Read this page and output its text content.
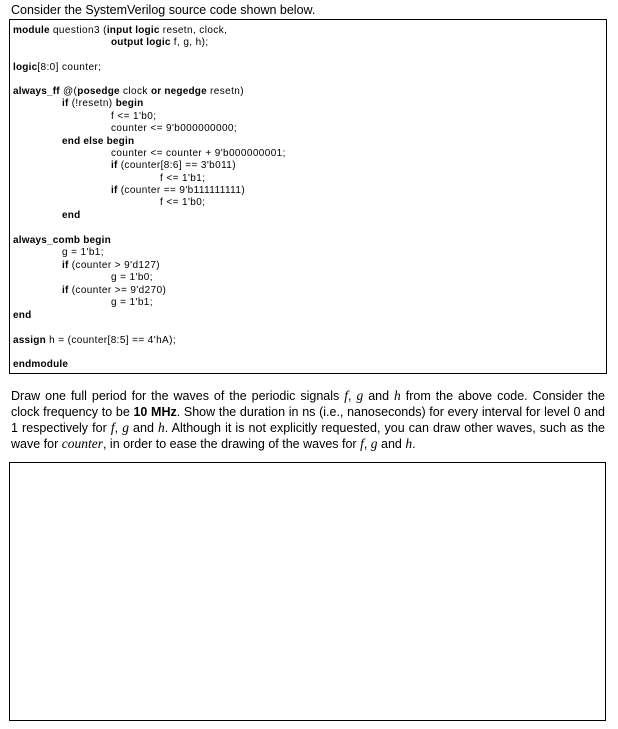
Consider the SystemVerilog source code shown below.
module question3 (input logic resetn, clock,
output logic f, g, h);
logic[8:0] counter;
always_ff @(posedge clock or negedge resetn)
if (!resetn) begin
f <= 1'b0;
counter <= 9'b000000000;
end else begin
counter <= counter + 9'b000000001;
if (counter[8:6] == 3'b011)
f <= 1'b1;
if (counter == 9'b111111111)
f <= 1'b0;
end
always_comb begin
g = 1'b1;
if (counter > 9'd127)
g = 1'b0;
if (counter >= 9'd270)
g = 1'b1;
end
assign h = (counter[8:5] == 4'hA);
endmodule
Draw one full period for the waves of the periodic signals f, g and h from the above code. Consider the clock frequency to be 10 MHz. Show the duration in ns (i.e., nanoseconds) for every interval for level 0 and 1 respectively for f, g and h. Although it is not explicitly requested, you can draw other waves, such as the wave for counter, in order to ease the drawing of the waves for f, g and h.
